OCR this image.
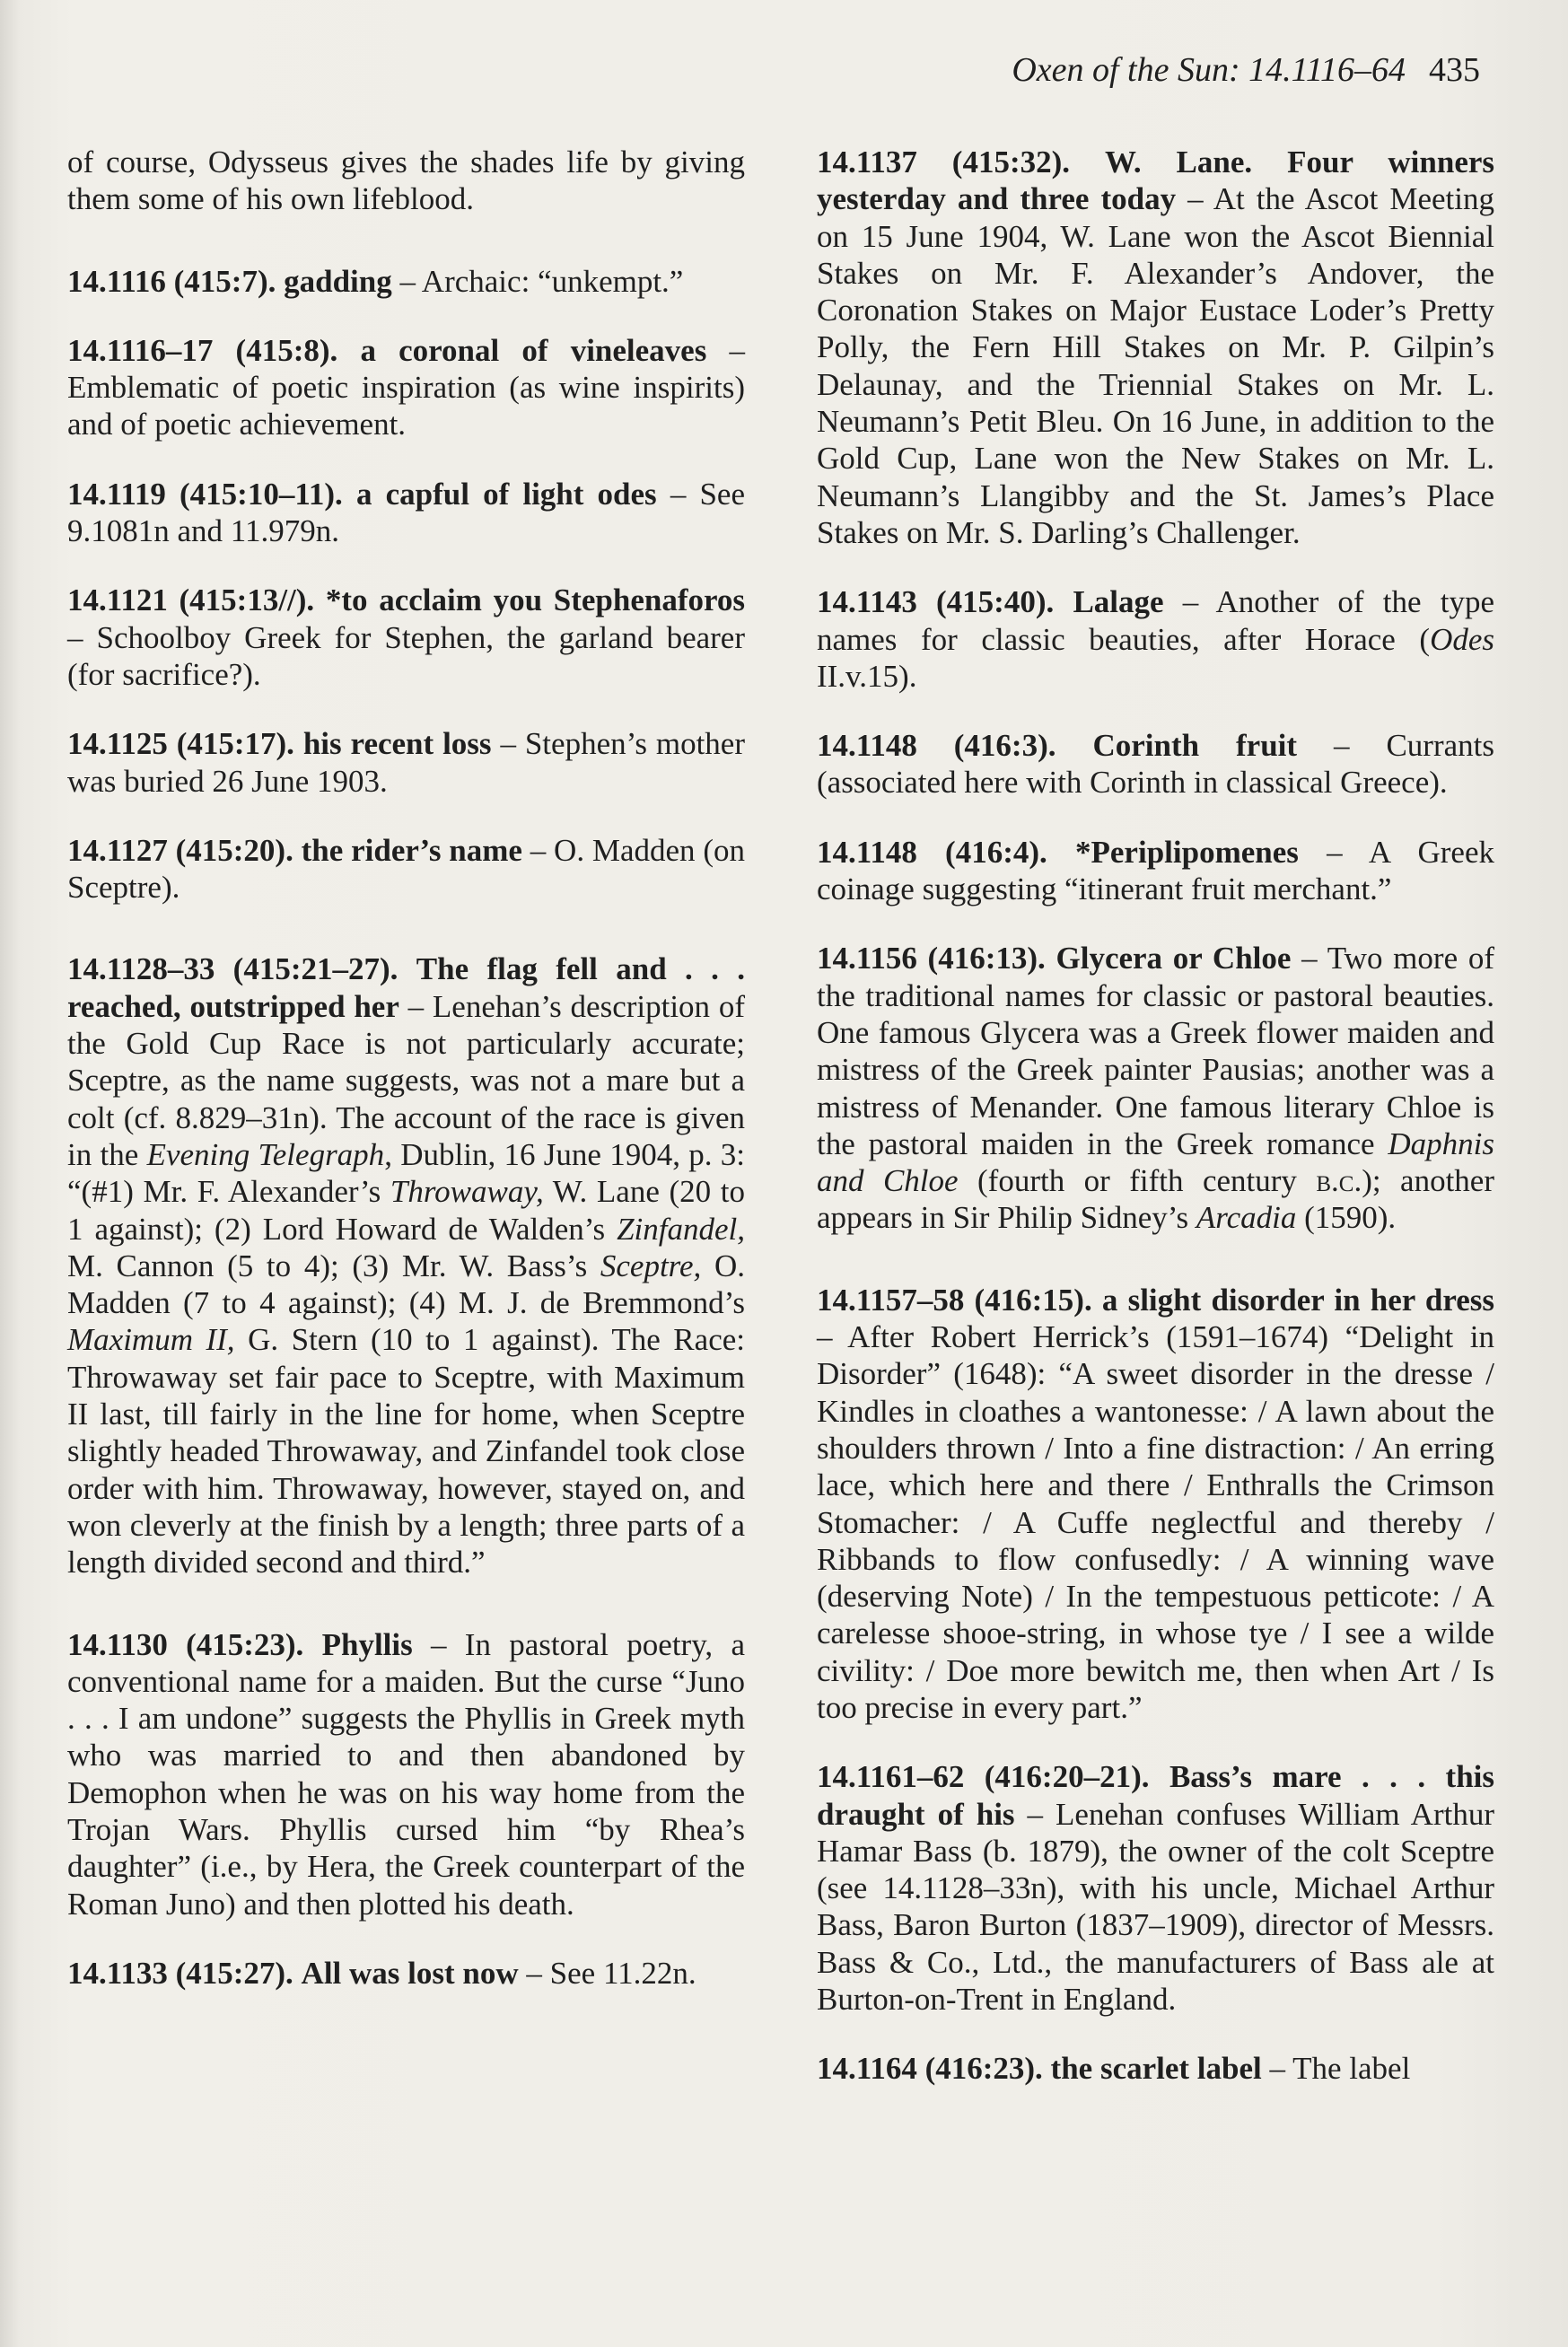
Oxen of the Sun: 14.1116–64 435

of course, Odysseus gives the shades life by giving them some of his own lifeblood.

14.1116 (415:7). gadding – Archaic: “unkempt.”

14.1116–17 (415:8). a coronal of vineleaves – Emblematic of poetic inspiration (as wine inspirits) and of poetic achievement.

14.1119 (415:10–11). a capful of light odes – See 9.1081n and 11.979n.

14.1121 (415:13//). *to acclaim you Stephenaforos – Schoolboy Greek for Stephen, the garland bearer (for sacrifice?).

14.1125 (415:17). his recent loss – Stephen’s mother was buried 26 June 1903.

14.1127 (415:20). the rider’s name – O. Madden (on Sceptre).

14.1128–33 (415:21–27). The flag fell and . . . reached, outstripped her – Lenehan’s description of the Gold Cup Race is not particularly accurate; Sceptre, as the name suggests, was not a mare but a colt (cf. 8.829–31n). The account of the race is given in the Evening Telegraph, Dublin, 16 June 1904, p. 3: “(#1) Mr. F. Alexander’s Throwaway, W. Lane (20 to 1 against); (2) Lord Howard de Walden’s Zinfandel, M. Cannon (5 to 4); (3) Mr. W. Bass’s Sceptre, O. Madden (7 to 4 against); (4) M. J. de Bremmond’s Maximum II, G. Stern (10 to 1 against). The Race: Throwaway set fair pace to Sceptre, with Maximum II last, till fairly in the line for home, when Sceptre slightly headed Throwaway, and Zinfandel took close order with him. Throwaway, however, stayed on, and won cleverly at the finish by a length; three parts of a length divided second and third.”

14.1130 (415:23). Phyllis – In pastoral poetry, a conventional name for a maiden. But the curse “Juno . . . I am undone” suggests the Phyllis in Greek myth who was married to and then abandoned by Demophon when he was on his way home from the Trojan Wars. Phyllis cursed him “by Rhea’s daughter” (i.e., by Hera, the Greek counterpart of the Roman Juno) and then plotted his death.

14.1133 (415:27). All was lost now – See 11.22n.

14.1137 (415:32). W. Lane. Four winners yesterday and three today – At the Ascot Meeting on 15 June 1904, W. Lane won the Ascot Biennial Stakes on Mr. F. Alexander’s Andover, the Coronation Stakes on Major Eustace Loder’s Pretty Polly, the Fern Hill Stakes on Mr. P. Gilpin’s Delaunay, and the Triennial Stakes on Mr. L. Neumann’s Petit Bleu. On 16 June, in addition to the Gold Cup, Lane won the New Stakes on Mr. L. Neumann’s Llangibby and the St. James’s Place Stakes on Mr. S. Darling’s Challenger.

14.1143 (415:40). Lalage – Another of the type names for classic beauties, after Horace (Odes II.v.15).

14.1148 (416:3). Corinth fruit – Currants (associated here with Corinth in classical Greece).

14.1148 (416:4). *Periplipomenes – A Greek coinage suggesting “itinerant fruit merchant.”

14.1156 (416:13). Glycera or Chloe – Two more of the traditional names for classic or pastoral beauties. One famous Glycera was a Greek flower maiden and mistress of the Greek painter Pausias; another was a mistress of Menander. One famous literary Chloe is the pastoral maiden in the Greek romance Daphnis and Chloe (fourth or fifth century b.c.); another appears in Sir Philip Sidney’s Arcadia (1590).

14.1157–58 (416:15). a slight disorder in her dress – After Robert Herrick’s (1591–1674) “Delight in Disorder” (1648): “A sweet disorder in the dresse / Kindles in cloathes a wantonesse: / A lawn about the shoulders thrown / Into a fine distraction: / An erring lace, which here and there / Enthralls the Crimson Stomacher: / A Cuffe neglectful and thereby / Ribbands to flow confusedly: / A winning wave (deserving Note) / In the tempestuous petticote: / A carelesse shooe-string, in whose tye / I see a wilde civility: / Doe more bewitch me, then when Art / Is too precise in every part.”

14.1161–62 (416:20–21). Bass’s mare . . . this draught of his – Lenehan confuses William Arthur Hamar Bass (b. 1879), the owner of the colt Sceptre (see 14.1128–33n), with his uncle, Michael Arthur Bass, Baron Burton (1837–1909), director of Messrs. Bass & Co., Ltd., the manufacturers of Bass ale at Burton-on-Trent in England.

14.1164 (416:23). the scarlet label – The label
